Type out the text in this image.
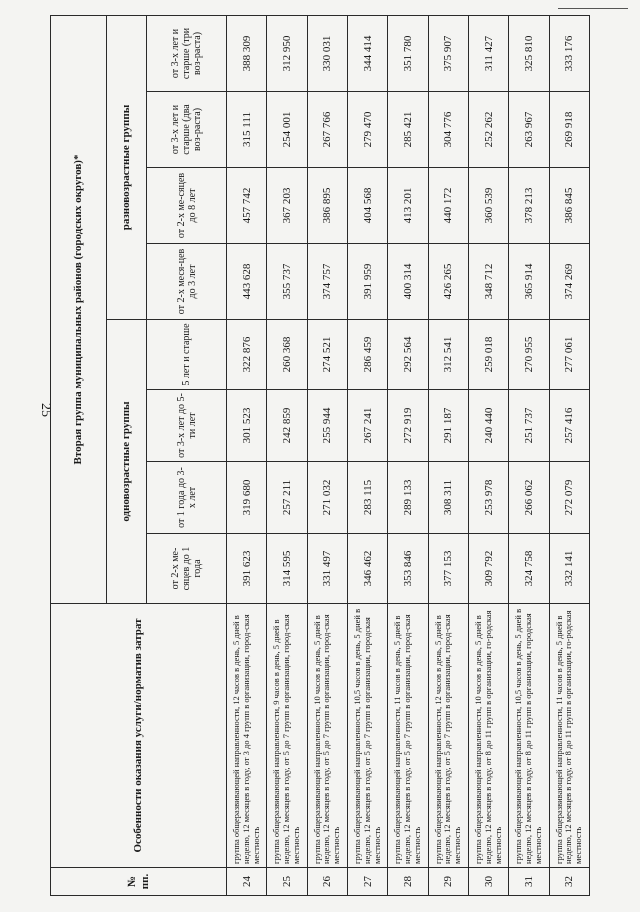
25
№ пп.	Особенности оказания услуги/норматив затрат	Вторая группа муниципальных районов (городских округов)*							
		одновозрастные группы				разновозрастные группы			
		от 2-х ме-сяцев до 1 года	от 1 года до 3-х лет	от 3-х лет до 5-ти лет	5 лет и старше	от 2-х меся-цев до 3 лет	от 2-х ме-сяцев до 8 лет	от 3-х лет и старше (два воз-раста)	от 3-х лет и старше (три воз-раста)
24	группа общеразвивающей направленности, 12 часов в день, 5 дней в неделю, 12 месяцев в году, от 3 до 4 групп в организации, город-ская местность	391 623	319 680	301 523	322 876	443 628	457 742	315 111	388 309
25	группа общеразвивающей направленности, 9 часов в день, 5 дней в неделю, 12 месяцев в году, от 5 до 7 групп в организации, город-ская местность	314 595	257 211	242 859	260 368	355 737	367 203	254 001	312 950
26	группа общеразвивающей направленности, 10 часов в день, 5 дней в неделю, 12 месяцев в году, от 5 до 7 групп в организации, город-ская местность	331 497	271 032	255 944	274 521	374 757	386 895	267 766	330 031
27	группа общеразвивающей направленности, 10,5 часов в день, 5 дней в неделю, 12 месяцев в году, от 5 до 7 групп в организации, городская местность	346 462	283 115	267 241	286 459	391 959	404 568	279 470	344 414
28	группа общеразвивающей направленности, 11 часов в день, 5 дней в неделю, 12 месяцев в году, от 5 до 7 групп в организации, город-ская местность	353 846	289 133	272 919	292 564	400 314	413 201	285 421	351 780
29	группа общеразвивающей направленности, 12 часов в день, 5 дней в неделю, 12 месяцев в году, от 5 до 7 групп в организации, город-ская местность	377 153	308 311	291 187	312 541	426 265	440 172	304 776	375 907
30	группа общеразвивающей направленности, 10 часов в день, 5 дней в неделю, 12 месяцев в году, от 8 до 11 групп в организации, го-родская местность	309 792	253 978	240 440	259 018	348 712	360 539	252 262	311 427
31	группа общеразвивающей направленности, 10,5 часов в день, 5 дней в неделю, 12 месяцев в году, от 8 до 11 групп в организации, городская местность	324 758	266 062	251 737	270 955	365 914	378 213	263 967	325 810
32	группа общеразвивающей направленности, 11 часов в день, 5 дней в неделю, 12 месяцев в году, от 8 до 11 групп в организации, го-родская местность	332 141	272 079	257 416	277 061	374 269	386 845	269 918	333 176
